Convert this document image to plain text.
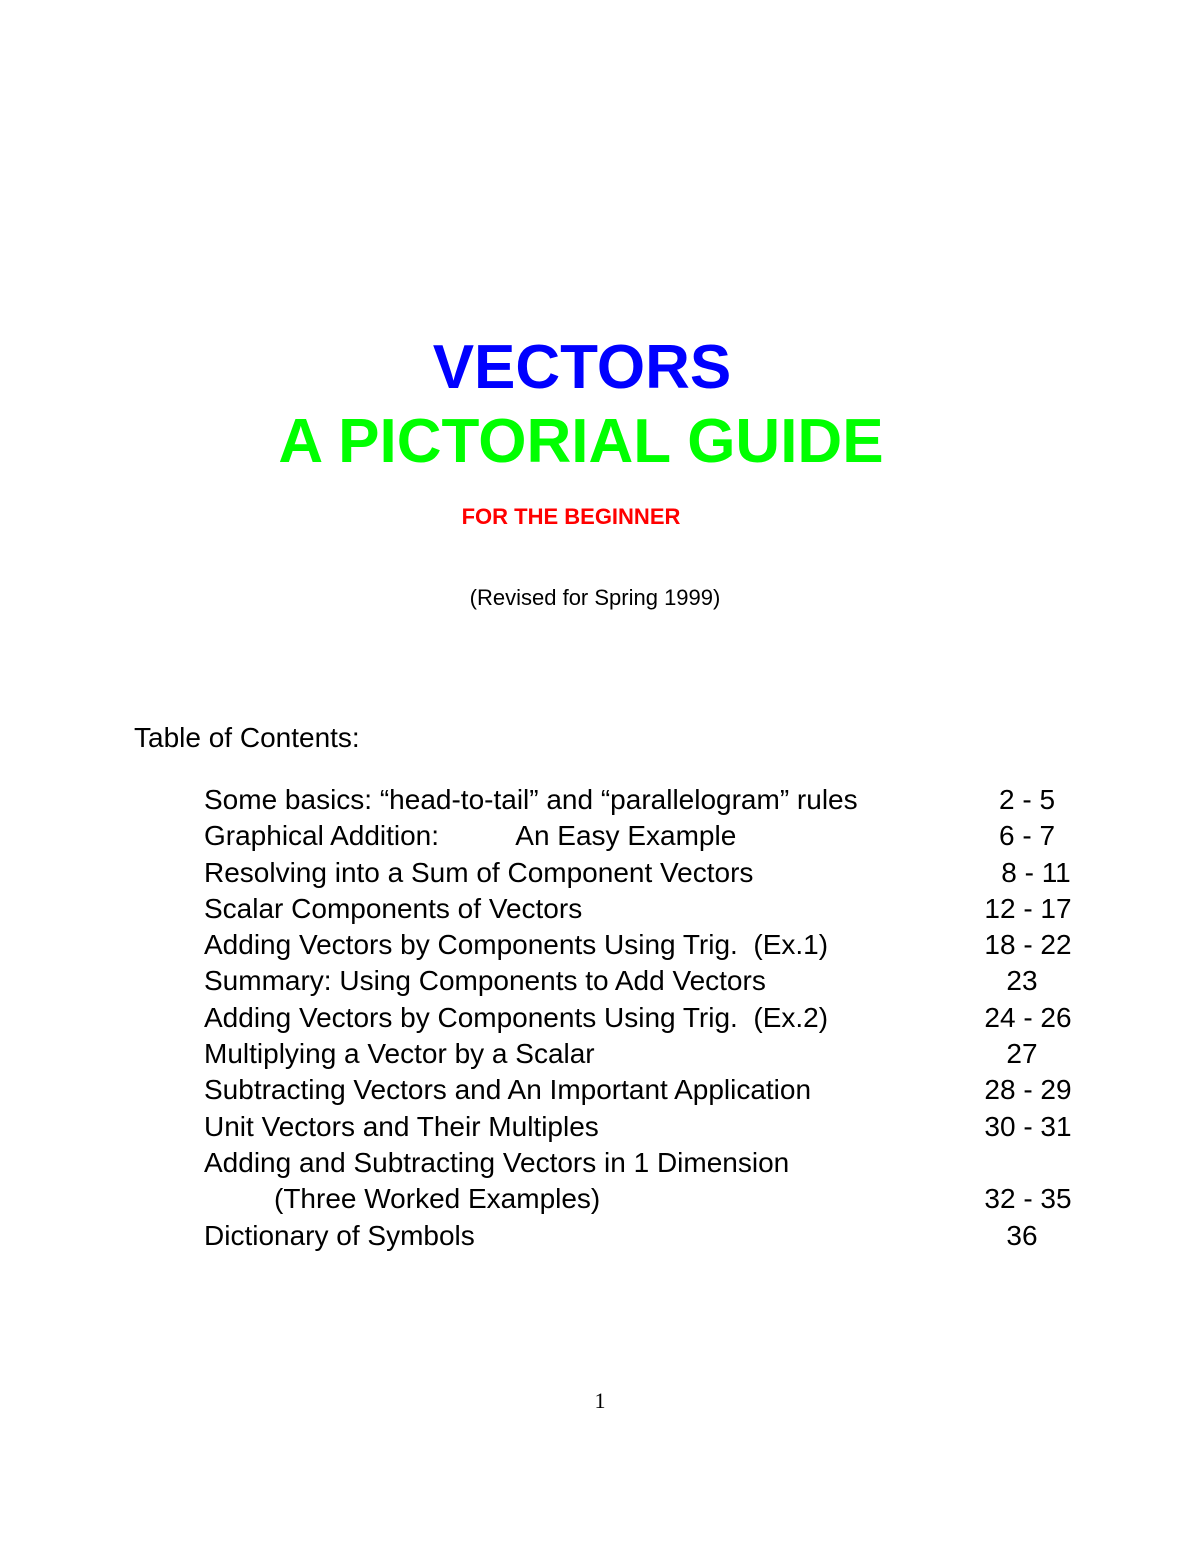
VECTORS
A PICTORIAL GUIDE
FOR THE BEGINNER
(Revised for Spring 1999)
Table of Contents:
Some basics: “head-to-tail” and “parallelogram” rules	2 - 5
Graphical Addition:          An Easy Example	6 - 7
Resolving into a Sum of Component Vectors	8 - 11
Scalar Components of Vectors	12 - 17
Adding Vectors by Components Using Trig.  (Ex.1)	18 - 22
Summary: Using Components to Add Vectors	23
Adding Vectors by Components Using Trig.  (Ex.2)	24 - 26
Multiplying a Vector by a Scalar	27
Subtracting Vectors and An Important Application	28 - 29
Unit Vectors and Their Multiples	30 - 31
Adding and Subtracting Vectors in 1 Dimension
(Three Worked Examples)	32 - 35
Dictionary of Symbols	36
1
